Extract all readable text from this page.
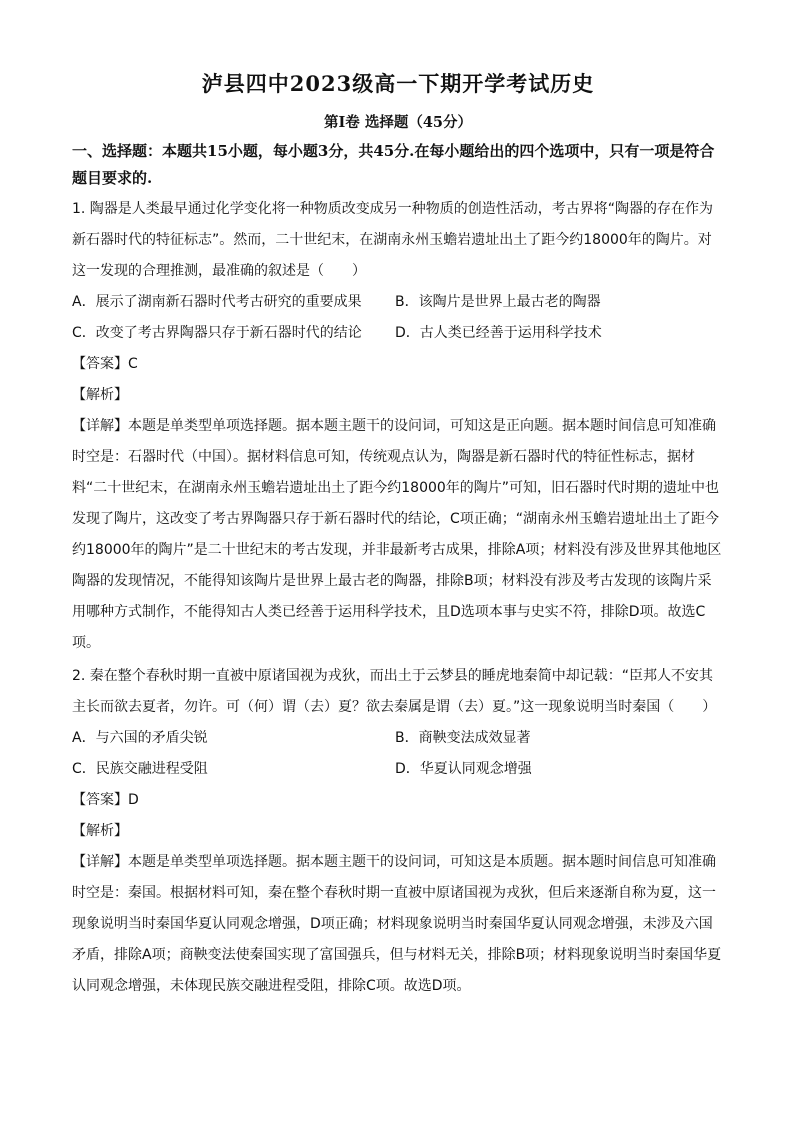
泸县四中2023级高一下期开学考试历史
第Ⅰ卷 选择题（45分）

一、选择题：本题共15小题，每小题3分，共45分.在每小题给出的四个选项中，只有一项是符合题目要求的.

1. 陶器是人类最早通过化学变化将一种物质改变成另一种物质的创造性活动，考古界将“陶器的存在作为新石器时代的特征标志”。然而，二十世纪末，在湖南永州玉蟾岩遗址出土了距今约18000年的陶片。对这一发现的合理推测，最准确的叙述是（　　）

A．展示了湖南新石器时代考古研究的重要成果	B．该陶片是世界上最古老的陶器
C．改变了考古界陶器只存于新石器时代的结论	D．古人类已经善于运用科学技术

【答案】C

【解析】

【详解】本题是单类型单项选择题。据本题主题干的设问词，可知这是正向题。据本题时间信息可知准确时空是：石器时代（中国）。据材料信息可知，传统观点认为，陶器是新石器时代的特征性标志，据材料“二十世纪末，在湖南永州玉蟾岩遗址出土了距今约18000年的陶片”可知，旧石器时代时期的遗址中也发现了陶片，这改变了考古界陶器只存于新石器时代的结论，C项正确；“湖南永州玉蟾岩遗址出土了距今约18000年的陶片”是二十世纪末的考古发现，并非最新考古成果，排除A项；材料没有涉及世界其他地区陶器的发现情况，不能得知该陶片是世界上最古老的陶器，排除B项；材料没有涉及考古发现的该陶片采用哪种方式制作，不能得知古人类已经善于运用科学技术，且D选项本事与史实不符，排除D项。故选C项。

2. 秦在整个春秋时期一直被中原诸国视为戎狄，而出土于云梦县的睡虎地秦简中却记载：“臣邦人不安其主长而欲去夏者，勿许。可（何）谓（去）夏？欲去秦属是谓（去）夏。”这一现象说明当时秦国（　　）

A．与六国的矛盾尖锐	B．商鞅变法成效显著
C．民族交融进程受阻	D．华夏认同观念增强

【答案】D

【解析】

【详解】本题是单类型单项选择题。据本题主题干的设问词，可知这是本质题。据本题时间信息可知准确时空是：秦国。根据材料可知，秦在整个春秋时期一直被中原诸国视为戎狄，但后来逐渐自称为夏，这一现象说明当时秦国华夏认同观念增强，D项正确；材料现象说明当时秦国华夏认同观念增强，未涉及六国矛盾，排除A项；商鞅变法使秦国实现了富国强兵，但与材料无关，排除B项；材料现象说明当时秦国华夏认同观念增强，未体现民族交融进程受阻，排除C项。故选D项。
